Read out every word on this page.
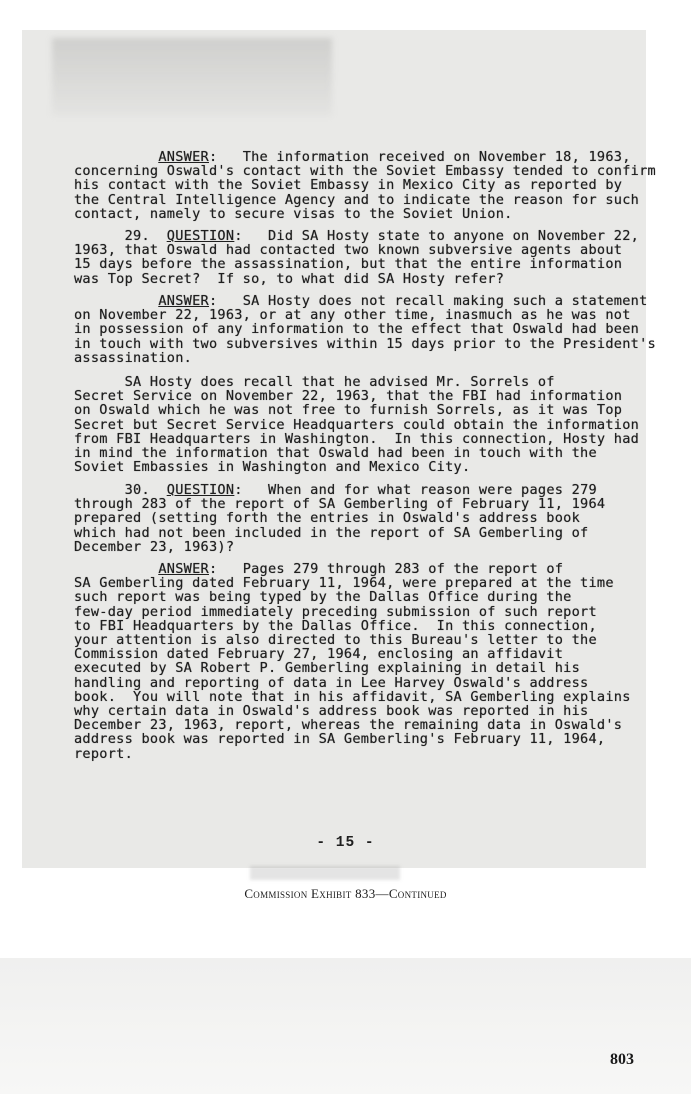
ANSWER:   The information received on November 18, 1963,
concerning Oswald's contact with the Soviet Embassy tended to confirm
his contact with the Soviet Embassy in Mexico City as reported by
the Central Intelligence Agency and to indicate the reason for such
contact, namely to secure visas to the Soviet Union.
29.  QUESTION:   Did SA Hosty state to anyone on November 22,
1963, that Oswald had contacted two known subversive agents about
15 days before the assassination, but that the entire information
was Top Secret?  If so, to what did SA Hosty refer?
ANSWER:   SA Hosty does not recall making such a statement
on November 22, 1963, or at any other time, inasmuch as he was not
in possession of any information to the effect that Oswald had been
in touch with two subversives within 15 days prior to the President's
assassination.
SA Hosty does recall that he advised Mr. Sorrels of
Secret Service on November 22, 1963, that the FBI had information
on Oswald which he was not free to furnish Sorrels, as it was Top
Secret but Secret Service Headquarters could obtain the information
from FBI Headquarters in Washington.  In this connection, Hosty had
in mind the information that Oswald had been in touch with the
Soviet Embassies in Washington and Mexico City.
30.  QUESTION:   When and for what reason were pages 279
through 283 of the report of SA Gemberling of February 11, 1964
prepared (setting forth the entries in Oswald's address book
which had not been included in the report of SA Gemberling of
December 23, 1963)?
ANSWER:   Pages 279 through 283 of the report of
SA Gemberling dated February 11, 1964, were prepared at the time
such report was being typed by the Dallas Office during the
few-day period immediately preceding submission of such report
to FBI Headquarters by the Dallas Office.  In this connection,
your attention is also directed to this Bureau's letter to the
Commission dated February 27, 1964, enclosing an affidavit
executed by SA Robert P. Gemberling explaining in detail his
handling and reporting of data in Lee Harvey Oswald's address
book.  You will note that in his affidavit, SA Gemberling explains
why certain data in Oswald's address book was reported in his
December 23, 1963, report, whereas the remaining data in Oswald's
address book was reported in SA Gemberling's February 11, 1964,
report.
- 15 -
Commission Exhibit 833—Continued
803
